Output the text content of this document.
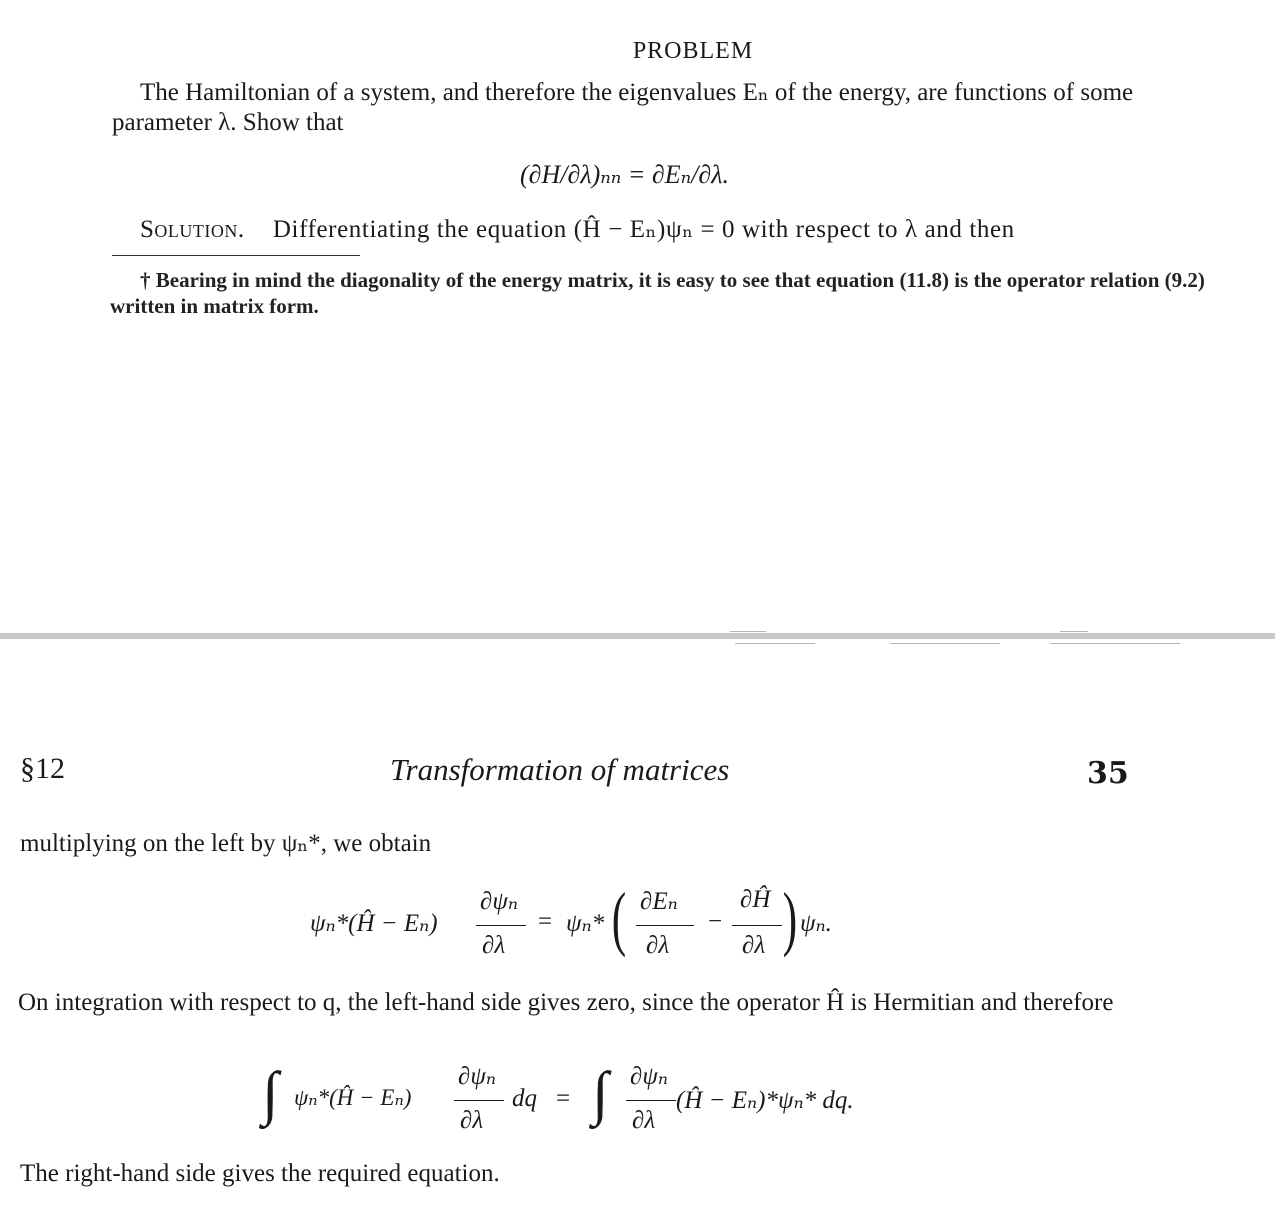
PROBLEM
The Hamiltonian of a system, and therefore the eigenvalues Eₙ of the energy, are functions of some parameter λ. Show that
(∂H/∂λ)ₙₙ = ∂Eₙ/∂λ.
Solution. Differentiating the equation (Ĥ − Eₙ)ψₙ = 0 with respect to λ and then
† Bearing in mind the diagonality of the energy matrix, it is easy to see that equation (11.8) is the operator relation (9.2) written in matrix form.
§12	Transformation of matrices	35
multiplying on the left by ψₙ*, we obtain
ψₙ*(Ĥ − Eₙ)
∂ψₙ
∂λ
= ψₙ* ( ∂Eₙ
∂λ
−
∂Ĥ
∂λ ) ψₙ.
On integration with respect to q, the left-hand side gives zero, since the operator Ĥ is Hermitian and therefore
∫ ψₙ*(Ĥ − Eₙ)
∂ψₙ
∂λ
dq = ∫ ∂ψₙ
∂λ
(Ĥ − Eₙ)*ψₙ* dq.
The right-hand side gives the required equation.
